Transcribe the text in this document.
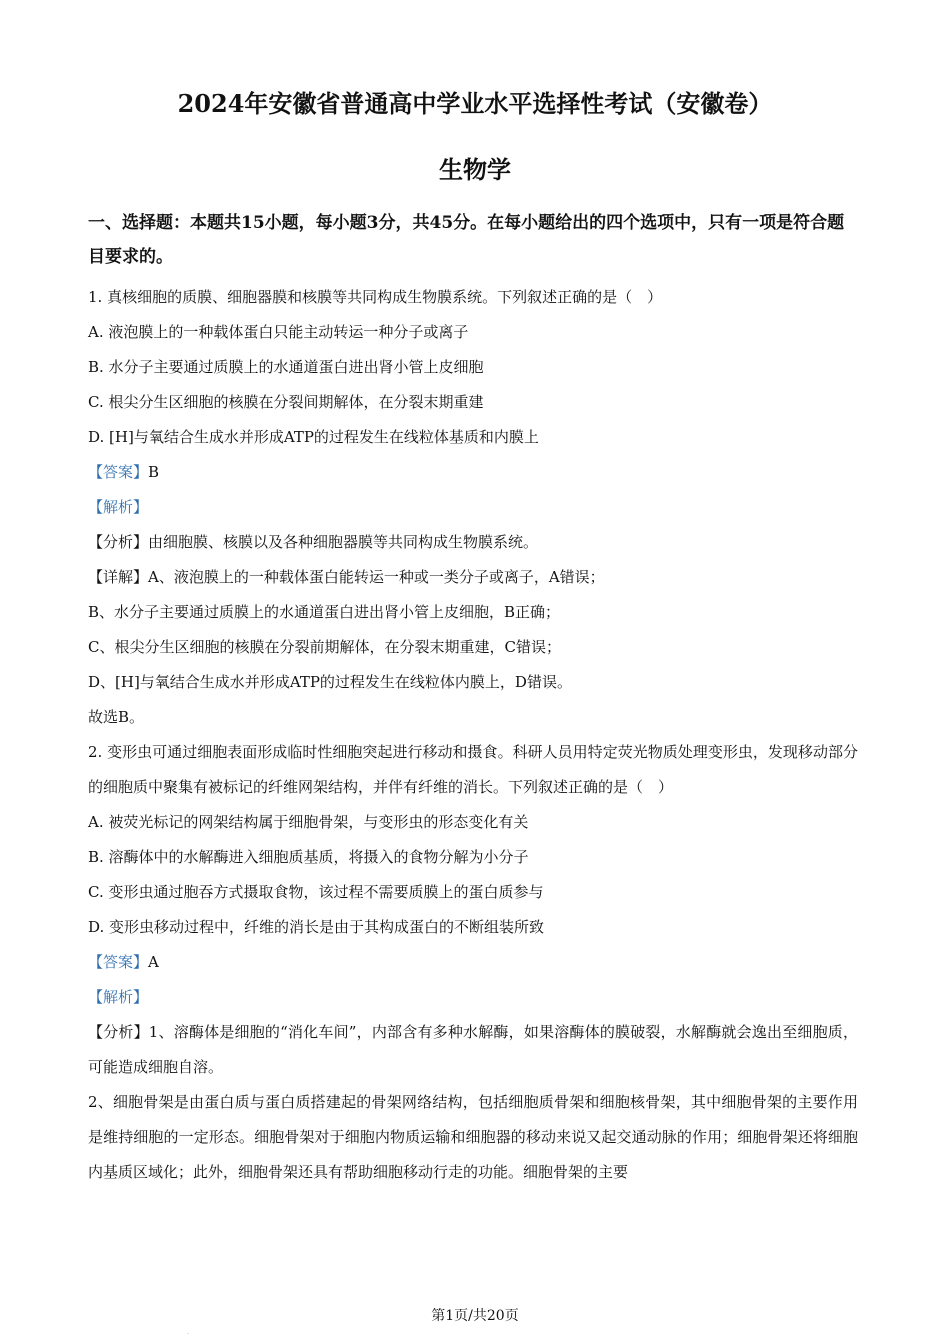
2024年安徽省普通高中学业水平选择性考试（安徽卷）
生物学
一、选择题：本题共15小题，每小题3分，共45分。在每小题给出的四个选项中，只有一项是符合题目要求的。
1. 真核细胞的质膜、细胞器膜和核膜等共同构成生物膜系统。下列叙述正确的是（　）
A. 液泡膜上的一种载体蛋白只能主动转运一种分子或离子
B. 水分子主要通过质膜上的水通道蛋白进出肾小管上皮细胞
C. 根尖分生区细胞的核膜在分裂间期解体，在分裂末期重建
D. [H]与氧结合生成水并形成ATP的过程发生在线粒体基质和内膜上
【答案】B
【解析】
【分析】由细胞膜、核膜以及各种细胞器膜等共同构成生物膜系统。
【详解】A、液泡膜上的一种载体蛋白能转运一种或一类分子或离子，A错误；
B、水分子主要通过质膜上的水通道蛋白进出肾小管上皮细胞，B正确；
C、根尖分生区细胞的核膜在分裂前期解体，在分裂末期重建，C错误；
D、[H]与氧结合生成水并形成ATP的过程发生在线粒体内膜上，D错误。
故选B。
2. 变形虫可通过细胞表面形成临时性细胞突起进行移动和摄食。科研人员用特定荧光物质处理变形虫，发现移动部分的细胞质中聚集有被标记的纤维网架结构，并伴有纤维的消长。下列叙述正确的是（　）
A. 被荧光标记的网架结构属于细胞骨架，与变形虫的形态变化有关
B. 溶酶体中的水解酶进入细胞质基质，将摄入的食物分解为小分子
C. 变形虫通过胞吞方式摄取食物，该过程不需要质膜上的蛋白质参与
D. 变形虫移动过程中，纤维的消长是由于其构成蛋白的不断组装所致
【答案】A
【解析】
【分析】1、溶酶体是细胞的“消化车间”，内部含有多种水解酶，如果溶酶体的膜破裂，水解酶就会逸出至细胞质，可能造成细胞自溶。
2、细胞骨架是由蛋白质与蛋白质搭建起的骨架网络结构，包括细胞质骨架和细胞核骨架，其中细胞骨架的主要作用是维持细胞的一定形态。细胞骨架对于细胞内物质运输和细胞器的移动来说又起交通动脉的作用；细胞骨架还将细胞内基质区域化；此外，细胞骨架还具有帮助细胞移动行走的功能。细胞骨架的主要
第1页/共20页
·
